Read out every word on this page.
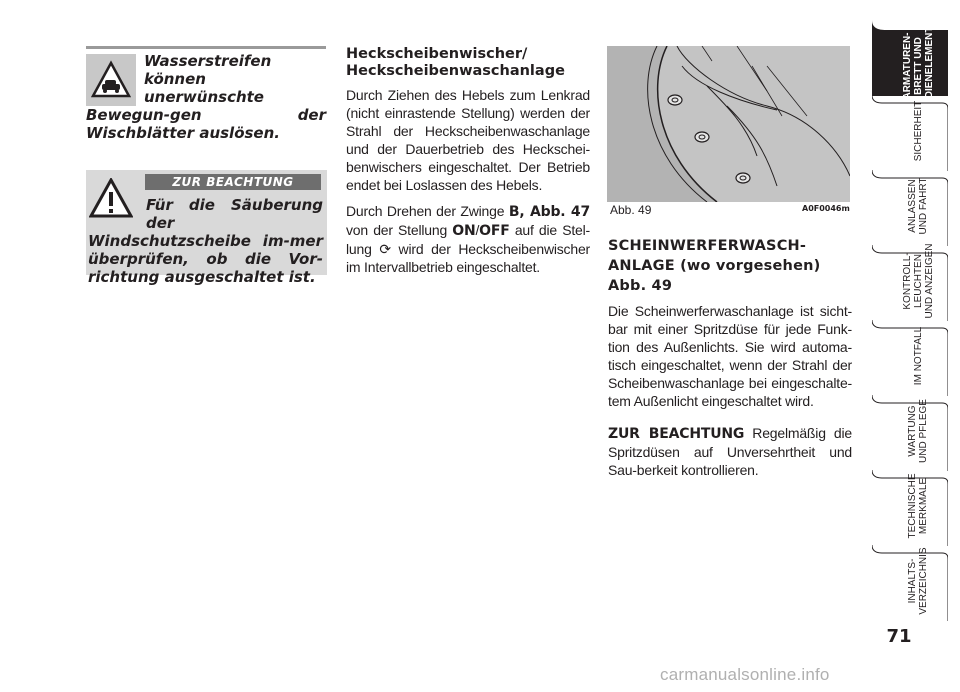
Wasserstreifen können unerwünschte Bewegun-gen der Wischblätter auslösen.

Für die Säuberung der Windschutzscheibe im-mer überprüfen, ob die Vor-richtung ausgeschaltet ist.

ZUR BEACHTUNG
Heckscheibenwischer/
Heckscheibenwaschanlage

Durch Ziehen des Hebels zum Lenkrad (nicht einrastende Stellung) werden der Strahl der Heckscheibenwaschanlage und der Dauerbetrieb des Heckschei-benwischers eingeschaltet. Der Betrieb endet bei Loslassen des Hebels.

Durch Drehen der Zwinge B, Abb. 47 von der Stellung ON/OFF auf die Stel-lung ⟳ wird der Heckscheibenwischer im Intervallbetrieb eingeschaltet.

Abb. 49	A0F0046m
SCHEINWERFERWASCH-
ANLAGE (wo vorgesehen)
Abb. 49

Die Scheinwerferwaschanlage ist sicht-bar mit einer Spritzdüse für jede Funk-tion des Außenlichts. Sie wird automa-tisch eingeschaltet, wenn der Strahl der Scheibenwaschanlage bei eingeschalte-tem Außenlicht eingeschaltet wird.

ZUR BEACHTUNG Regelmäßig die Spritzdüsen auf Unversehrtheit und Sau-berkeit kontrollieren.

ARMATUREN- BRETT UND BEDIENELEMENTE
SICHERHEIT
ANLASSEN UND FAHRT
KONTROLL- LEUCHTEN UND ANZEIGEN
IM NOTFALL
WARTUNG UND PFLEGE
TECHNISCHE MERKMALE
INHALTS- VERZEICHNIS
71
carmanualsonline.info
